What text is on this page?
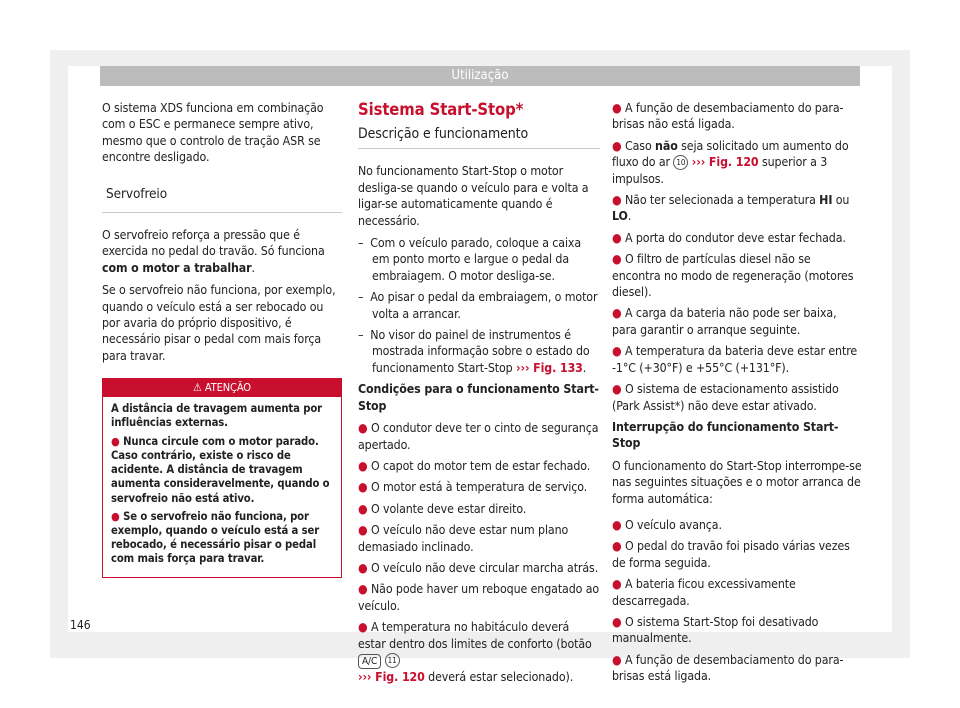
Utilização

O sistema XDS funciona em combinação com o ESC e permanece sempre ativo, mesmo que o controlo de tração ASR se encontre desligado.

Servofreio

O servofreio reforça a pressão que é exercida no pedal do travão. Só funciona com o motor a trabalhar.

Se o servofreio não funciona, por exemplo, quando o veículo está a ser rebocado ou por avaria do próprio dispositivo, é necessário pisar o pedal com mais força para travar.

⚠ ATENÇÃO

A distância de travagem aumenta por influências externas.

● Nunca circule com o motor parado. Caso contrário, existe o risco de acidente. A distância de travagem aumenta consideravelmente, quando o servofreio não está ativo.

● Se o servofreio não funciona, por exemplo, quando o veículo está a ser rebocado, é necessário pisar o pedal com mais força para travar.

Sistema Start-Stop*
Descrição e funcionamento

No funcionamento Start-Stop o motor desliga-se quando o veículo para e volta a ligar-se automaticamente quando é necessário.

–  Com o veículo parado, coloque a caixa em ponto morto e largue o pedal da embraiagem. O motor desliga-se.
–  Ao pisar o pedal da embraiagem, o motor volta a arrancar.
–  No visor do painel de instrumentos é mostrada informação sobre o estado do funcionamento Start-Stop ››› Fig. 133.

Condições para o funcionamento Start-Stop

● O condutor deve ter o cinto de segurança apertado.
● O capot do motor tem de estar fechado.
● O motor está à temperatura de serviço.
● O volante deve estar direito.
● O veículo não deve estar num plano demasiado inclinado.
● O veículo não deve circular marcha atrás.
● Não pode haver um reboque engatado ao veículo.
● A temperatura no habitáculo deverá estar dentro dos limites de conforto (botão A/C 11
››› Fig. 120 deverá estar selecionado).
● A função de desembaciamento do para-brisas não está ligada.
● Caso não seja solicitado um aumento do fluxo do ar 10 ››› Fig. 120 superior a 3 impulsos.
● Não ter selecionada a temperatura HI ou LO.
● A porta do condutor deve estar fechada.
● O filtro de partículas diesel não se encontra no modo de regeneração (motores diesel).
● A carga da bateria não pode ser baixa, para garantir o arranque seguinte.
● A temperatura da bateria deve estar entre -1°C (+30°F) e +55°C (+131°F).
● O sistema de estacionamento assistido (Park Assist*) não deve estar ativado.

Interrupção do funcionamento Start-Stop

O funcionamento do Start-Stop interrompe-se nas seguintes situações e o motor arranca de forma automática:

● O veículo avança.
● O pedal do travão foi pisado várias vezes de forma seguida.
● A bateria ficou excessivamente descarregada.
● O sistema Start-Stop foi desativado manualmente.
● A função de desembaciamento do para-brisas está ligada.
146
